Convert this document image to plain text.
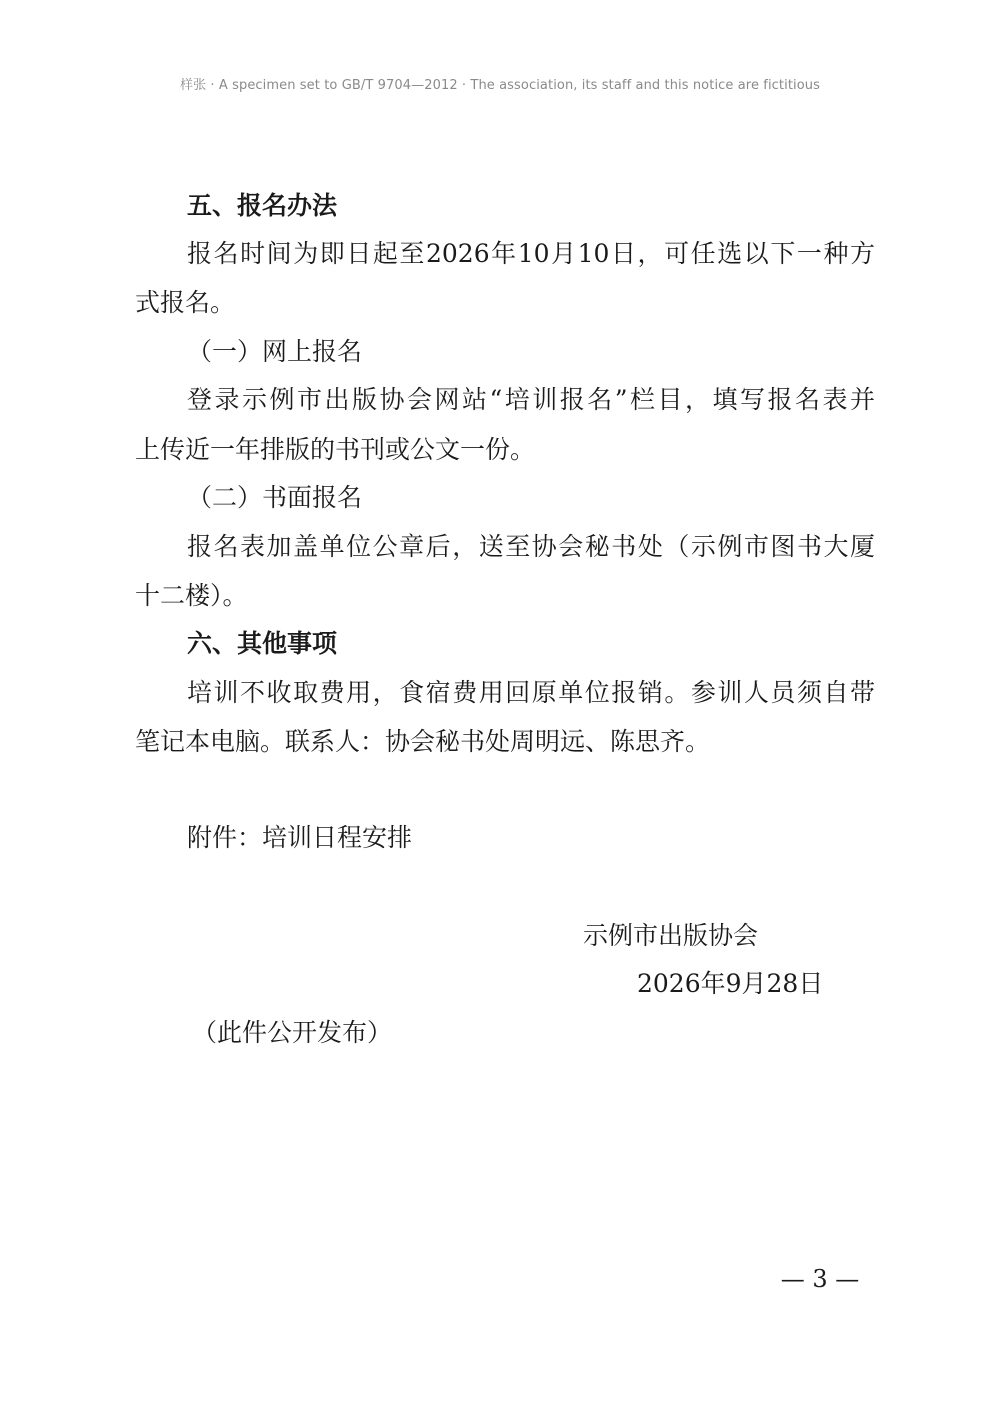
样张 · A specimen set to GB/T 9704—2012 · The association, its staff and this notice are fictitious
五、报名办法
报名时间为即日起至2026年10月10日，可任选以下一种方
式报名。
（一）网上报名
登录示例市出版协会网站“培训报名”栏目，填写报名表并
上传近一年排版的书刊或公文一份。
（二）书面报名
报名表加盖单位公章后，送至协会秘书处（示例市图书大厦
十二楼）。
六、其他事项
培训不收取费用，食宿费用回原单位报销。参训人员须自带
笔记本电脑。联系人：协会秘书处周明远、陈思齐。
附件：培训日程安排
示例市出版协会
2026年9月28日
（此件公开发布）
— 3 —
